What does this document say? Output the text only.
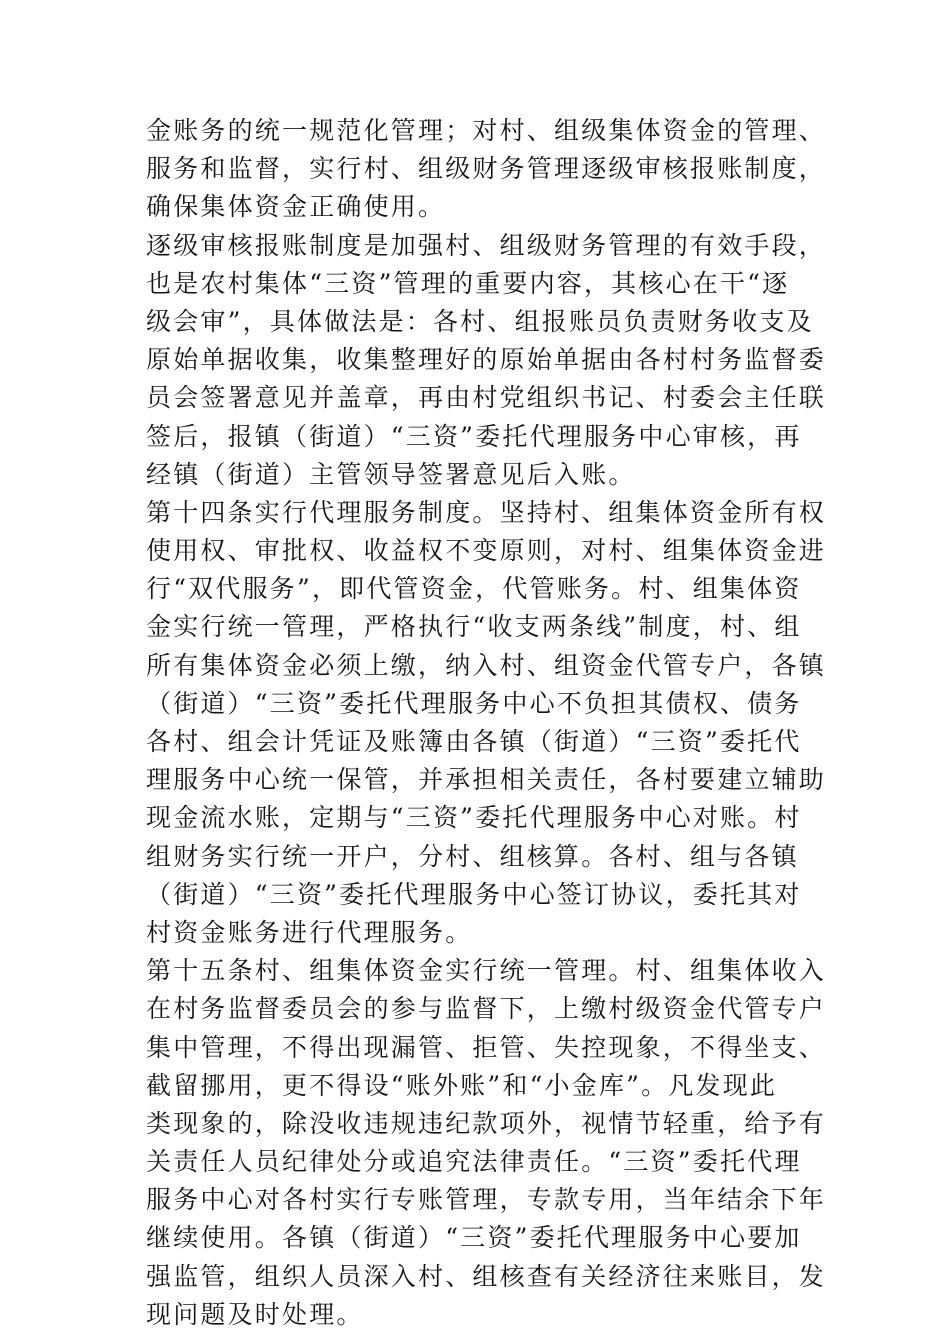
金账务的统一规范化管理；对村、组级集体资金的管理、
服务和监督，实行村、组级财务管理逐级审核报账制度，
确保集体资金正确使用。
逐级审核报账制度是加强村、组级财务管理的有效手段，
也是农村集体“三资”管理的重要内容，其核心在干“逐
级会审”，具体做法是：各村、组报账员负责财务收支及
原始单据收集，收集整理好的原始单据由各村村务监督委
员会签署意见并盖章，再由村党组织书记、村委会主任联
签后，报镇（街道）“三资”委托代理服务中心审核，再
经镇（街道）主管领导签署意见后入账。
第十四条实行代理服务制度。坚持村、组集体资金所有权
使用权、审批权、收益权不变原则，对村、组集体资金进
行“双代服务”，即代管资金，代管账务。村、组集体资
金实行统一管理，严格执行“收支两条线”制度，村、组
所有集体资金必须上缴，纳入村、组资金代管专户，各镇
（街道）“三资”委托代理服务中心不负担其债权、债务
各村、组会计凭证及账簿由各镇（街道）“三资”委托代
理服务中心统一保管，并承担相关责任，各村要建立辅助
现金流水账，定期与“三资”委托代理服务中心对账。村
组财务实行统一开户，分村、组核算。各村、组与各镇
（街道）“三资”委托代理服务中心签订协议，委托其对
村资金账务进行代理服务。
第十五条村、组集体资金实行统一管理。村、组集体收入
在村务监督委员会的参与监督下，上缴村级资金代管专户
集中管理，不得出现漏管、拒管、失控现象，不得坐支、
截留挪用，更不得设“账外账”和“小金库”。凡发现此
类现象的，除没收违规违纪款项外，视情节轻重，给予有
关责任人员纪律处分或追究法律责任。“三资”委托代理
服务中心对各村实行专账管理，专款专用，当年结余下年
继续使用。各镇（街道）“三资”委托代理服务中心要加
强监管，组织人员深入村、组核查有关经济往来账目，发
现问题及时处理。
